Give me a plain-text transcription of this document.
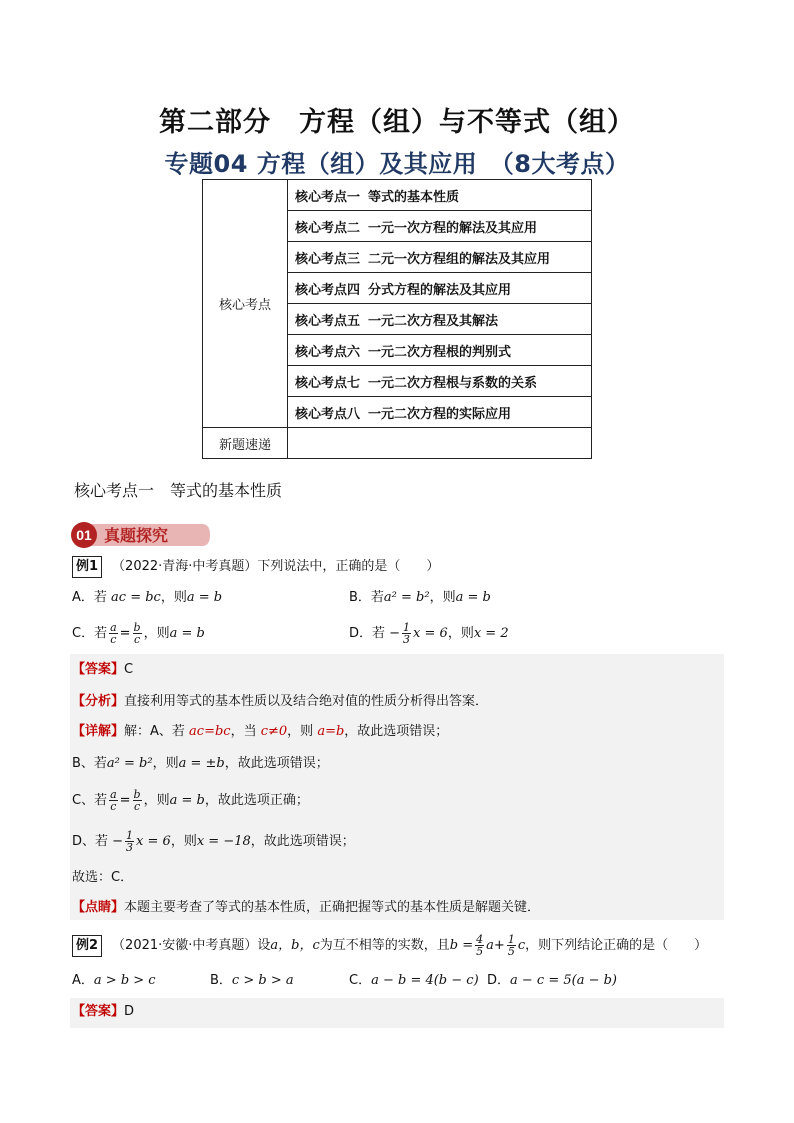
第二部分　方程（组）与不等式（组）
专题04 方程（组）及其应用　（8大考点）
核心考点	核心考点一 等式的基本性质
	核心考点二 一元一次方程的解法及其应用
	核心考点三 二元一次方程组的解法及其应用
	核心考点四 分式方程的解法及其应用
	核心考点五 一元二次方程及其解法
	核心考点六 一元二次方程根的判别式
	核心考点七 一元二次方程根与系数的关系
	核心考点八 一元二次方程的实际应用
新题速递	
核心考点一　等式的基本性质
01 真题探究
例1 （2022·青海·中考真题）下列说法中，正确的是（　　）
A．若 ac = bc，则a = b	B．若a² = b²，则a = b
C．若 $\frac{a}{c} = \frac{b}{c}$ ，则a = b	D．若 − $\frac{1}{3}$ x = 6，则x = 2
【答案】C
【分析】直接利用等式的基本性质以及结合绝对值的性质分析得出答案．
【详解】解：A、若 ac=bc，当 c≠0，则 a=b，故此选项错误；
B、若a² = b²，则a = ±b，故此选项错误；
C、若 $\frac{a}{c} = \frac{b}{c}$ ，则a = b，故此选项正确；
D、若 − $\frac{1}{3}$ x = 6，则x = −18，故此选项错误；
故选：C．
【点睛】本题主要考查了等式的基本性质，正确把握等式的基本性质是解题关键．
例2 （2021·安徽·中考真题）设a，b，c为互不相等的实数，且$b = \frac{4}{5} a+ \frac{1}{5}$ c，则下列结论正确的是（　　）
A．a > b > c	B．c > b > a	C．a − b = 4(b − c) D．a − c = 5(a − b)
【答案】D
